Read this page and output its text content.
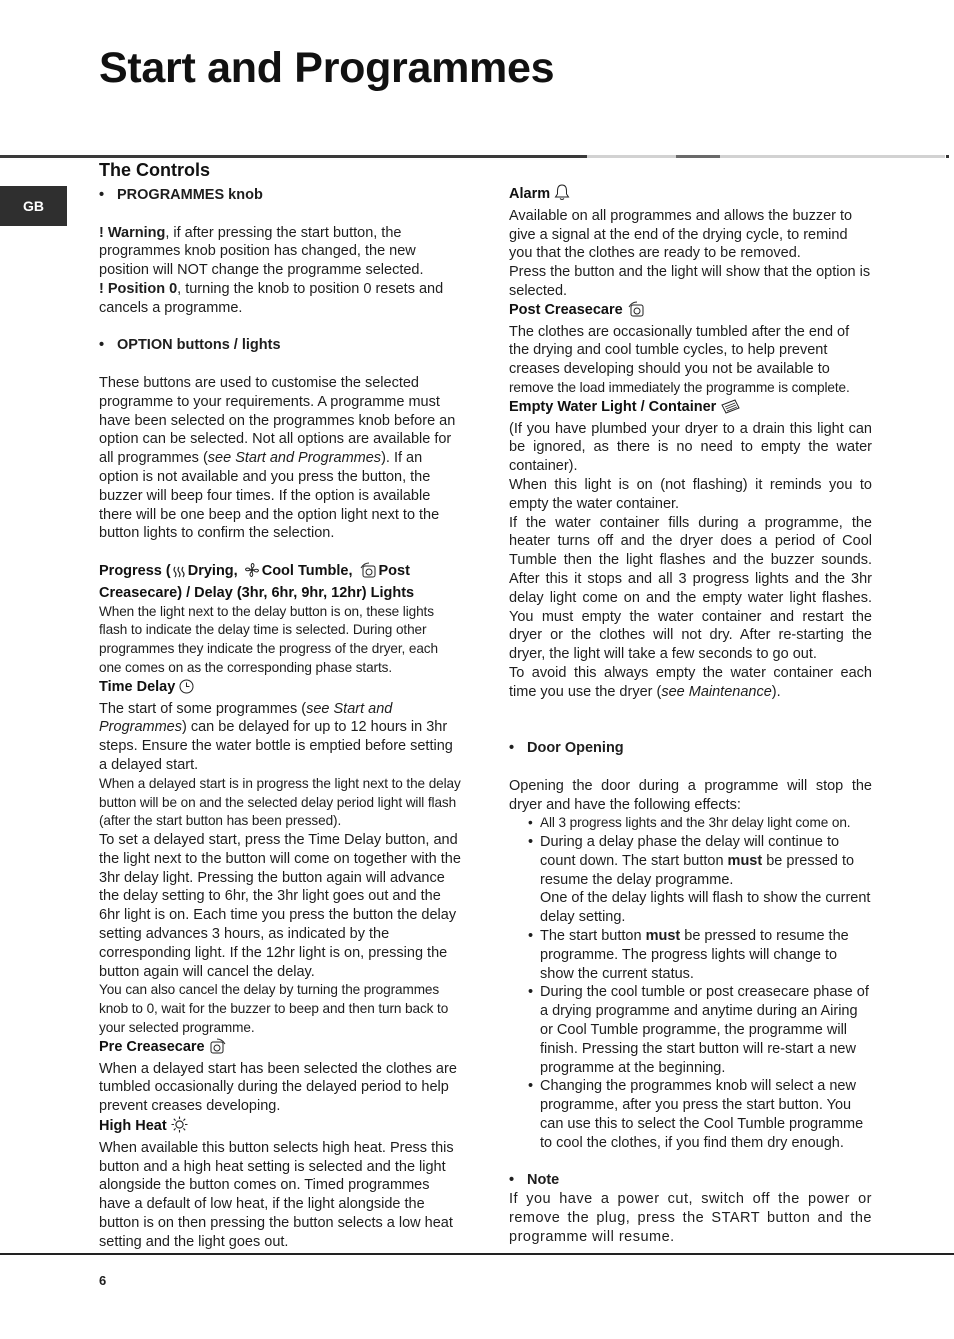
Start and Programmes
GB
The Controls

• PROGRAMMES knob

! Warning, if after pressing the start button, the programmes knob position has changed, the new position will NOT change the programme selected.

! Position 0, turning the knob to position 0 resets and cancels a programme.

• OPTION buttons / lights

These buttons are used to customise the selected programme to your requirements. A programme must have been selected on the programmes knob before an option can be selected. Not all options are available for all programmes (see Start and Programmes). If an option is not available and you press the button, the buzzer will beep four times. If the option is available there will be one beep and the option light next to the button lights to confirm the selection.

Progress ( Drying, Cool Tumble, Post Creasecare) / Delay (3hr, 6hr, 9hr, 12hr) Lights

When the light next to the delay button is on, these lights flash to indicate the delay time is selected. During other programmes they indicate the progress of the dryer, each one comes on as the corresponding phase starts.

Time Delay

The start of some programmes (see Start and Programmes) can be delayed for up to 12 hours in 3hr steps. Ensure the water bottle is emptied before setting a delayed start.

When a delayed start is in progress the light next to the delay button will be on and the selected delay period light will flash (after the start button has been pressed).

To set a delayed start, press the Time Delay button, and the light next to the button will come on together with the 3hr delay light. Pressing the button again will advance the delay setting to 6hr, the 3hr light goes out and the 6hr light is on. Each time you press the button the delay setting advances 3 hours, as indicated by the corresponding light. If the 12hr light is on, pressing the button again will cancel the delay.

You can also cancel the delay by turning the programmes knob to 0, wait for the buzzer to beep and then turn back to your selected programme.

Pre Creasecare

When a delayed start has been selected the clothes are tumbled occasionally during the delayed period to help prevent creases developing.

High Heat

When available this button selects high heat. Press this button and a high heat setting is selected and the light alongside the button comes on. Timed programmes have a default of low heat, if the light alongside the button is on then pressing the button selects a low heat setting and the light goes out.

Alarm

Available on all programmes and allows the buzzer to give a signal at the end of the drying cycle, to remind you that the clothes are ready to be removed.

Press the button and the light will show that the option is selected.

Post Creasecare

The clothes are occasionally tumbled after the end of the drying and cool tumble cycles, to help prevent creases developing should you not be available to

remove the load immediately the programme is complete.

Empty Water Light / Container

(If you have plumbed your dryer to a drain this light can be ignored, as there is no need to empty the water container).

When this light is on (not flashing) it reminds you to empty the water container.

If the water container fills during a programme, the heater turns off and the dryer does a period of Cool Tumble then the light flashes and the buzzer sounds. After this it stops and all 3 progress lights and the 3hr delay light come on and the empty water light flashes. You must empty the water container and restart the dryer or the clothes will not dry. After re-starting the dryer, the light will take a few seconds to go out.

To avoid this always empty the water container each time you use the dryer (see Maintenance).

• Door Opening

Opening the door during a programme will stop the dryer and have the following effects:

• All 3 progress lights and the 3hr delay light come on.
• During a delay phase the delay will continue to count down. The start button must be pressed to resume the delay programme.
One of the delay lights will flash to show the current delay setting.
• The start button must be pressed to resume the programme. The progress lights will change to show the current status.
• During the cool tumble or post creasecare phase of a drying programme and anytime during an Airing or Cool Tumble programme, the programme will finish. Pressing the start button will re-start a new programme at the beginning.
• Changing the programmes knob will select a new programme, after you press the start button. You can use this to select the Cool Tumble programme to cool the clothes, if you find them dry enough.

• Note

If you have a power cut, switch off the power or remove the plug, press the START button and the programme will resume.

6
